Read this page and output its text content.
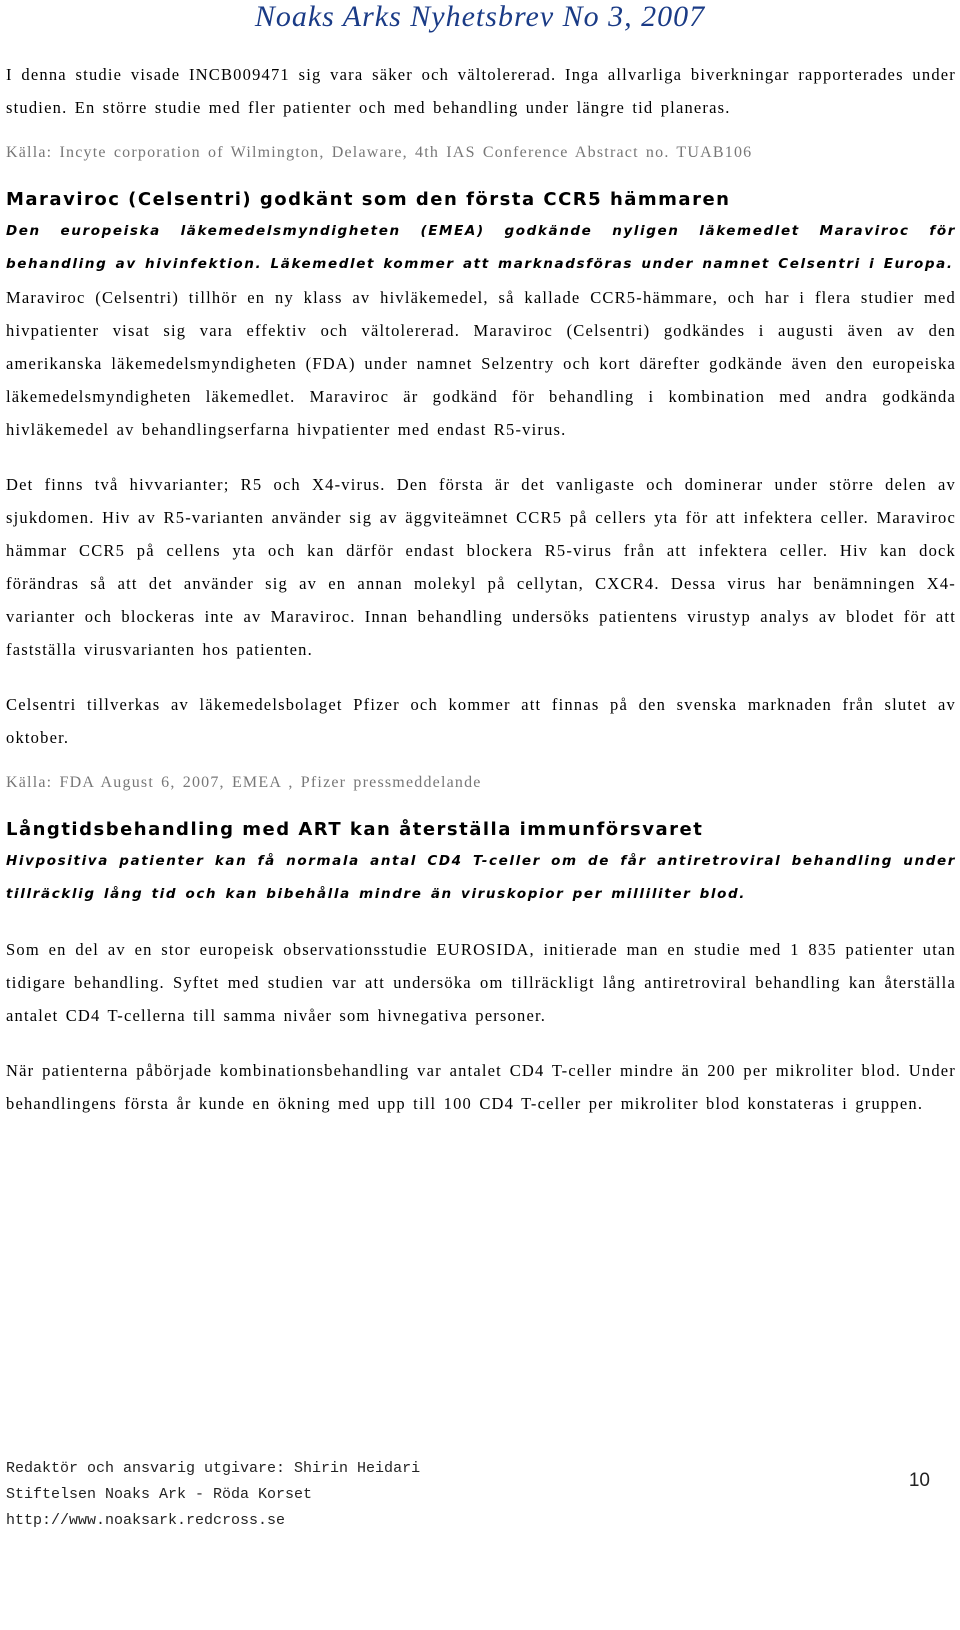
Noaks Arks Nyhetsbrev No 3, 2007

I denna studie visade INCB009471 sig vara säker och vältolererad. Inga allvarliga biverkningar rapporterades under studien. En större studie med fler patienter och med behandling under längre tid planeras.

Källa: Incyte corporation of Wilmington, Delaware, 4th IAS Conference Abstract no. TUAB106

Maraviroc (Celsentri) godkänt som den första CCR5 hämmaren

Den europeiska läkemedelsmyndigheten (EMEA) godkände nyligen läkemedlet Maraviroc för behandling av hivinfektion. Läkemedlet kommer att marknadsföras under namnet Celsentri i Europa.

Maraviroc (Celsentri) tillhör en ny klass av hivläkemedel, så kallade CCR5-hämmare, och har i flera studier med hivpatienter visat sig vara effektiv och vältolererad. Maraviroc (Celsentri) godkändes i augusti även av den amerikanska läkemedelsmyndigheten (FDA) under namnet Selzentry och kort därefter godkände även den europeiska läkemedelsmyndigheten läkemedlet. Maraviroc är godkänd för behandling i kombination med andra godkända hivläkemedel av behandlingserfarna hivpatienter med endast R5-virus.

Det finns två hivvarianter; R5 och X4-virus. Den första är det vanligaste och dominerar under större delen av sjukdomen. Hiv av R5-varianten använder sig av äggviteämnet CCR5 på cellers yta för att infektera celler. Maraviroc hämmar CCR5 på cellens yta och kan därför endast blockera R5-virus från att infektera celler. Hiv kan dock förändras så att det använder sig av en annan molekyl på cellytan, CXCR4. Dessa virus har benämningen X4-varianter och blockeras inte av Maraviroc. Innan behandling undersöks patientens virustyp analys av blodet för att fastställa virusvarianten hos patienten.

Celsentri tillverkas av läkemedelsbolaget Pfizer och kommer att finnas på den svenska marknaden från slutet av oktober.

Källa: FDA August 6, 2007, EMEA , Pfizer pressmeddelande

Långtidsbehandling med ART kan återställa immunförsvaret

Hivpositiva patienter kan få normala antal CD4 T-celler om de får antiretroviral behandling under tillräcklig lång tid och kan bibehålla mindre än viruskopior per milliliter blod.

Som en del av en stor europeisk observationsstudie EUROSIDA, initierade man en studie med 1 835 patienter utan tidigare behandling. Syftet med studien var att undersöka om tillräckligt lång antiretroviral behandling kan återställa antalet CD4 T-cellerna till samma nivåer som hivnegativa personer.

När patienterna påbörjade kombinationsbehandling var antalet CD4 T-celler mindre än 200 per mikroliter blod. Under behandlingens första år kunde en ökning med upp till 100 CD4 T-celler per mikroliter blod konstateras i gruppen.

Redaktör och ansvarig utgivare: Shirin Heidari
Stiftelsen Noaks Ark - Röda Korset
http://www.noaksark.redcross.se
10
